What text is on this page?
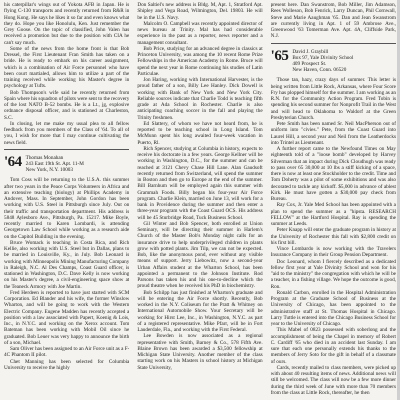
his caterpillar's wings out of Yokota AFB in Japan. He is flying C-130 transports and recently returned from R&R in Hong Kong. He says he likes it so far and even knows what they do. Hope you like Honolulu, Ken. Just remember the Grey Goose. On the topic of classified, John Valen has received a promotion but due to the position with CIA he can't say much.

Some of the news from the home front is that Bob Dressel, the First Lieutenant Fran Smith has taken on a bride. He is ready to embark on his career assignment, which is a combination of Air Force personnel who have been court martialed, allows him to utilize a part of the training received while working his Master's degree in psychology at Tufts.

Bob Thompson's wife said he recently returned from Spain where his squadron of pilots were sent to the recovery of the lost NATO B-52 bombs. He is a Lt., jg, explosive ordnance disposal officer, and is stationed at Charleston, S.C.

In closing, let me make my usual plea to all fellow feedback from you members of the Class of '64. To all of you, I wish for more that I may continue cultivating the news field.

'64 Thomas Monahan
243 East 19th St. Apt. 11-M
New York, N.Y. 10003

Tom Coss will be returning to the U.S.A. this summer after two years in the Peace Corps Volunteers in Africa and an extensive teaching (biology) at Phillips Academy in Andover, Mass. In September, John Gordon has been working with U.S. Steel in Pittsburgh since July. Out on their traffic and transportation department. His address is 5848 Aylesboro Ave., Pittsburgh, Pa. 15217. Mike Boyle, recently married to Karen Lombardi, is attending Georgetown Law School while working as a research aide on the Capitol Building in the evening.

Bruce Womack is teaching in Costa Rica, and Rich Kellie, also working with U.S. Steel but in Dallas, plans to be married in Louisville, Ky., in July. Bob Leonard is working with Minneapolis Mining Manufacturing Company in Raleigh, N.C. Al Des Champs, Coast Guard officer, is stationed in Washington, D.C. Dave Kelly is now working on his Master's degree, a civil-engineering space show at the Teaneck Armory with Joe Martin.

Fred Herdeen is reported to have just started with SCM Corporation. Ed Blander and his wife, the former Winslow Wharton, and will be going to work with the Western Electric Company. Eugene Madden has recently accepted a position with a law associated with Papert, Koenig & Lois, Inc., in N.Y.C. and working on the Xerox account. Tom Bateman has been working with Mobil Oil since he graduated. Bob Leuer was very happy to announce the birth of a son, Michael.

Sam Oliver has been assigned to an Air Force unit as a F-4C Phantom II pilot.

Chet Manning has been selected for Columbia University to receive the highly

Don Saltiel's new address is Bldg. M, Apt. 1, Stratford Apt. Shipley and Vega Road, Wilmington, Del. 19803. He will be in the U.S. Navy.

Malcolm O. Campbell was recently appointed director of news bureau at Trinity. Mal has had considerable experience in the past as a reporter, news reporter and a management consultant.

Bob Price, studying for an advanced degree in classics at Princeton University, was among the 10 recent Rome Prize Fellowships in the American Academy in Rome. Bruce will spend the next year in Rome continuing his studies of Latin Particulae.

Jon Haring, working with International Harvester, is the proud father of a son, Billy Lee Hanley. Dick Dowell is working with Bank of New York and New York City. Reliable sources indicate that Charlie Todd is teaching fifth grade at Ada School in Rochester. Charlie is also anticipating coaching soccer in the fall and playing the Trinity freshmen.

Ed Slattery, of whom we have not heard from, he is reported to be teaching school in Long Island. Tom McMunn spent his long awaited four-week vacation in Puerto, Rl.

Rich Spencer, studying at Columbia in history, expects to receive his doctorate in a few years. George Kellner will be working in Washington, D.C., for the summer and can be reached at 3121 Chevy Chase Hill Lane. Alan Gaudsoft recently returned from Switzerland, will spend the summer in Boston and then go to Europe at the end of the summer. Bill Barnhum will be employed again this summer with Grammah Foods. Billy began his four-year Air Force program. Charlie Klein, married on June 13, will work for a bank in Providence during the summer and then enter a three-year program with the Coast Guard OCS. His address will be 45 Sturbridge Road, Tuck Business School.

Gil Winter and Bob Spencer, both enrolled at Union Seminary, will be directing their summer in Harlem's Church of the Master Bob's Monday night calls for an insurance drive to help underprivileged children in plants grow with potted plants. Jim Tilp, we can not be expected. Bob, like the anonymous pond, ever without any visible means of support. Jerry Liebowitz, now a second-year Urban Affairs student at the Wharton School, has been appointed a permanent to the Johnson Institute. Rod Parsons has taken his and his one-to-decline which the proud theatre when he received his PhD in biochemistry.

Bob Schilpp has just finished at Wharton's graduate and will be entering the Air Force shortly. Recently, Bob worked in the N.Y. Coliseum for the Pratt & Whitney on International Automobile Show. Your Secretary will be working for Hirst Lee, Inc., in Washington, N.Y.C. as part of a registered representative. Mike Pfarr, will be in Fort Lauderdale, Fla., and working with the First Federal.

Lee Bowden is now associated as a regional representative with Smith, Barney & Co., 578 Fifth Ave. Blaine Brown has been awarded a $3,500 fellowship at Michigan State University. Another member of the class starting work on his Masters in school history at Michigan State University,

present here. Dan Swanstrom, Bob Miller, Jim Adamson, Rees Wolleson, Bob Fenrick, Larry Duncan, Phil Cornwall, Steve and Marie Aaughman '65. Dan and Jean Swanstrom are currently living in Apt. 1 of 59 Ambrose Ave., Greenwood '63 Tomerman Ave. Apt. 4A, Cliffside Park, N.J.

'65 David J. Graybill
Box 97, Yale Divinity School
409 Prospect St.
New Haven, Conn. 06520

Those tan, hazy, crazy days of summer. This letter is being written from Little Rock, Arkansas, where Four Score Fry has plopped himself for the summer. I am working as an R.N. for the Community Action Program. Fred Tobin is spending his second summer for Nonprofit Trail in the West and will head to Oklahoma to Waldorf at the Green Presbyterian Church.

Pete Smith has been named Sr. Neil MacPherson out of uniform into "civies." Pete, from the Coast Guard into Laurel Hill, a second year and Neil from the Leatherdocks into Trintel as Lieutenant.

A further report came to the Newfound Times on May eighteenth told of a "loose bomb" developed by Harvey Silverman that an impact during Dick Cloudhugh was ready to pass over 65 30,000 at 10 lbs a stiff kicking of a space, there is now at least one Stockholder to the credit. Time and Tom Doherty was a pilot of some exhibitions and was also decorated to tackle any kickoff. $5,000 in advance of ablest Kirk. He must have gotten a $30,000 pay check from Bureau.

Ray Cox, Jr. Yale Med School has been appointed with a plan to spend the summer as a "hipsta. RESEARCH FELLOW" at the Hartford Hospital. Ray is spending the summer at Leeds.

Peter Knapp will enter the graduate program in history at the University of Rochester this fall with $2,800 credit on his first bill.

Vince Lombardo is now working with the Travelers Insurance Company in their Group Pension Department.

Doc Leonard, whom I fiercely described as a dedicated fellow first year at Yale Divinity School and won for his "aid to the ministry" the congregation with which he will be a teacher, in a fishing village. We hope the outcome is good, Ron.

Ronald Carbon, enrolled in the Hospital Administration Program at the Graduate School of Business at the University of Chicago, has been appointed to the administrative staff at St. Thomas Hospital in Chicago. Larry Tuttle is entered into the Chicago Business School for year to the University of Chicago.

This Mabel of 0823 possessed with soberlong and the accomplishment of being the Chapel in memory of Robert C. Cardiff '65 who died in an accident last Sunday. I am sure that each one personally extends his thanks to the members of Jerry Soto for the gift in behalf of a classmate of ours.

Cards, recently mailed to class members, were picked up with about 40 resulting items of news. Additional news will still be welcomed. The class will now be a few more dinner during the third week of June with more than 70 members from the class at Little Rock, thereafter, he then
